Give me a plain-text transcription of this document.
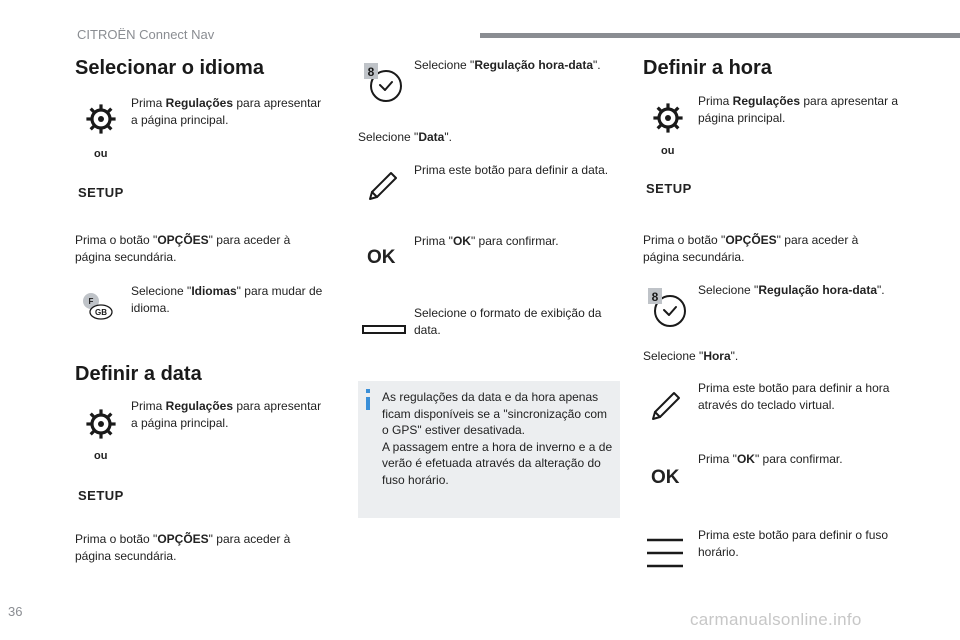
CITROËN Connect Nav
Selecionar o idioma
Prima Regulações para apresentar a página principal.
ou
SETUP
Prima o botão "OPÇÕES" para aceder à página secundária.
F
GB
Selecione "Idiomas" para mudar de idioma.
Definir a data
Prima Regulações para apresentar a página principal.
ou
SETUP
Prima o botão "OPÇÕES" para aceder à página secundária.
8	Selecione "Regulação hora-data".
Selecione "Data".
Prima este botão para definir a data.
OK
Prima "OK" para confirmar.
Selecione o formato de exibição da data.
As regulações da data e da hora apenas ficam disponíveis se a "sincronização com o GPS" estiver desativada.
A passagem entre a hora de inverno e a de verão é efetuada através da alteração do fuso horário.
Definir a hora
Prima Regulações para apresentar a página principal.
ou
SETUP
Prima o botão "OPÇÕES" para aceder à página secundária.
8	Selecione "Regulação hora-data".
Selecione "Hora".
Prima este botão para definir a hora através do teclado virtual.
OK
Prima "OK" para confirmar.
Prima este botão para definir o fuso horário.
36	carmanualsonline.info
